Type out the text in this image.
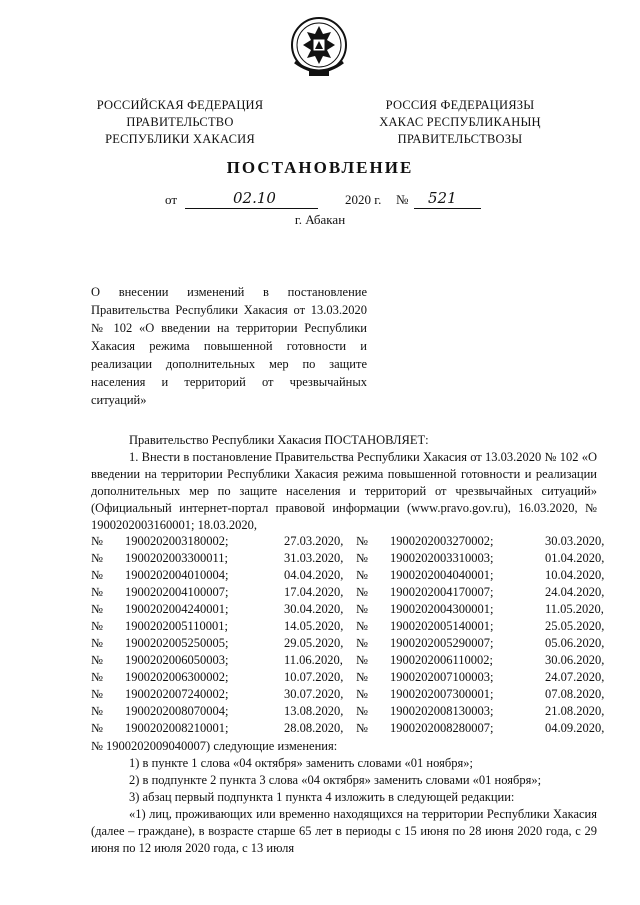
РОССИЙСКАЯ ФЕДЕРАЦИЯ
ПРАВИТЕЛЬСТВО
РЕСПУБЛИКИ ХАКАСИЯ
РОССИЯ ФЕДЕРАЦИЯЗЫ
ХАКАС РЕСПУБЛИКАНЫҢ
ПРАВИТЕЛЬСТВОЗЫ
ПОСТАНОВЛЕНИЕ
от	02.10	2020 г. № 521
г. Абакан
О внесении изменений в постановление Правительства Республики Хакасия от 13.03.2020 № 102 «О введении на территории Республики Хакасия режима повышенной готовности и реализации дополнительных мер по защите населения и территорий от чрезвычайных ситуаций»
Правительство Республики Хакасия ПОСТАНОВЛЯЕТ:
1. Внести в постановление Правительства Республики Хакасия от 13.03.2020 № 102 «О введении на территории Республики Хакасия режима повышенной готовности и реализации дополнительных мер по защите населения и территорий от чрезвычайных ситуаций» (Официальный интернет-портал правовой информации (www.pravo.gov.ru), 16.03.2020, № 1900202003160001; 18.03.2020,
№ 1900202003180002;	27.03.2020, № 1900202003270002;	30.03.2020,
№ 1900202003300011;	31.03.2020, № 1900202003310003;	01.04.2020,
№ 1900202004010004;	04.04.2020, № 1900202004040001;	10.04.2020,
№ 1900202004100007;	17.04.2020, № 1900202004170007;	24.04.2020,
№ 1900202004240001;	30.04.2020, № 1900202004300001;	11.05.2020,
№ 1900202005110001;	14.05.2020, № 1900202005140001;	25.05.2020,
№ 1900202005250005;	29.05.2020, № 1900202005290007;	05.06.2020,
№ 1900202006050003;	11.06.2020, № 1900202006110002;	30.06.2020,
№ 1900202006300002;	10.07.2020, № 1900202007100003;	24.07.2020,
№ 1900202007240002;	30.07.2020, № 1900202007300001;	07.08.2020,
№ 1900202008070004;	13.08.2020, № 1900202008130003;	21.08.2020,
№ 1900202008210001;	28.08.2020, № 1900202008280007;	04.09.2020,
№ 1900202009040007) следующие изменения:
1) в пункте 1 слова «04 октября» заменить словами «01 ноября»;
2) в подпункте 2 пункта 3 слова «04 октября» заменить словами «01 ноября»;
3) абзац первый подпункта 1 пункта 4 изложить в следующей редакции:
«1) лиц, проживающих или временно находящихся на территории Республики Хакасия (далее – граждане), в возрасте старше 65 лет в периоды с 15 июня по 28 июня 2020 года, с 29 июня по 12 июля 2020 года, с 13 июля
